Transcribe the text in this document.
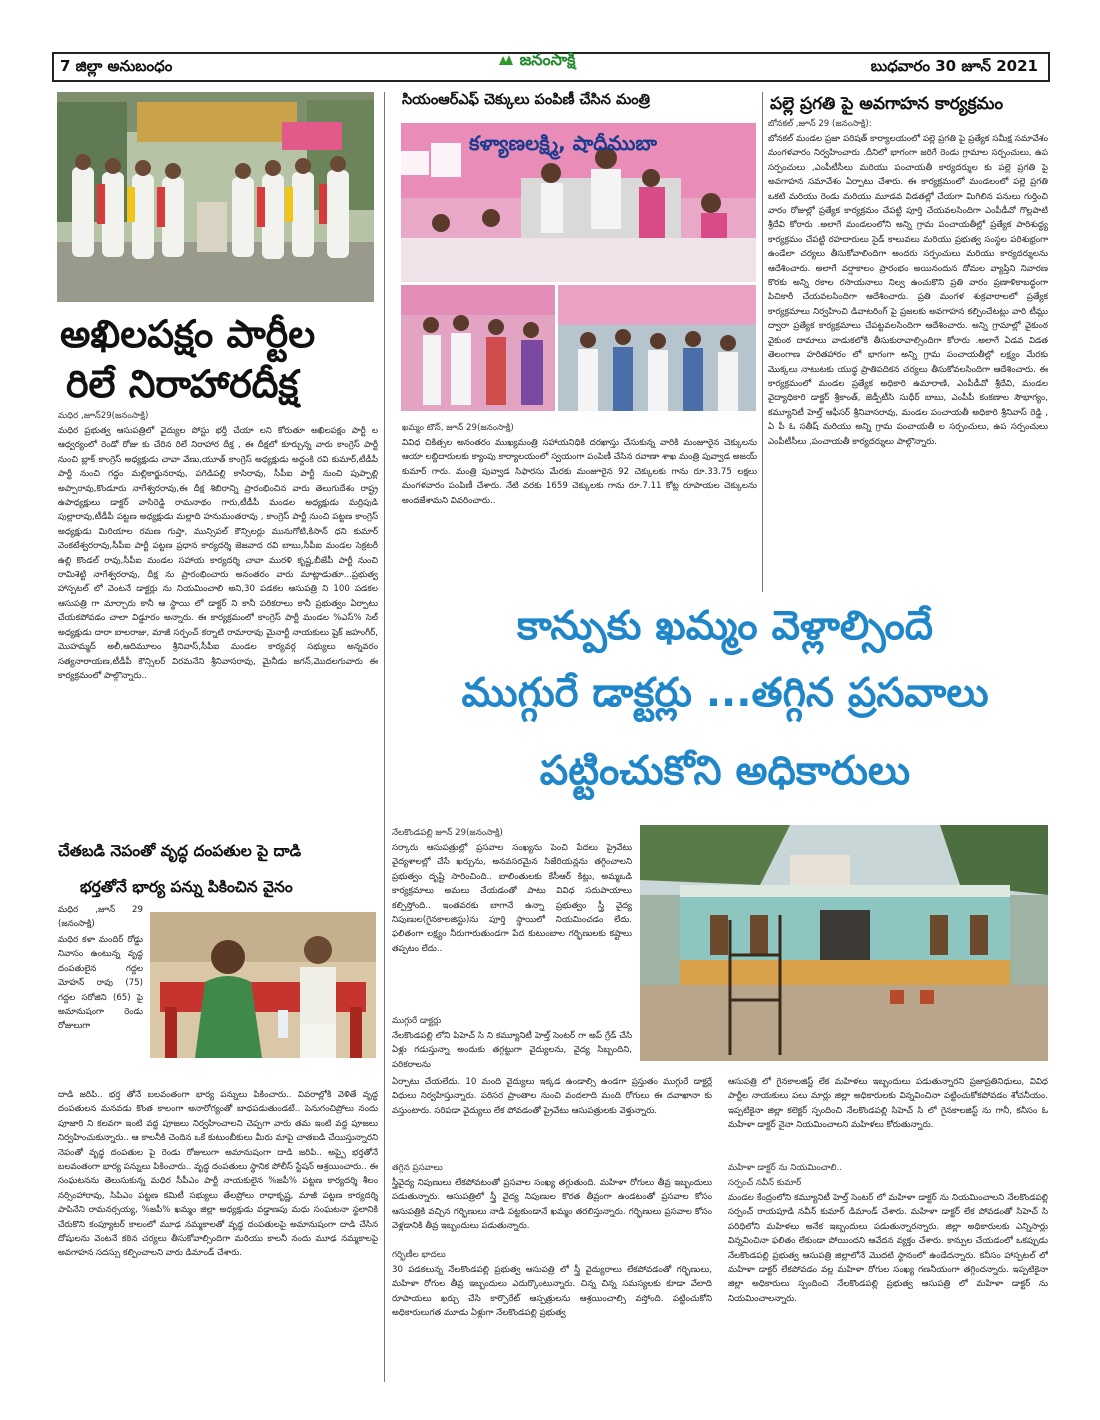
7 జిల్లా అనుబంధం	జనంసాక్షి	బుధవారం 30 జూన్ 2021
అఖిలపక్షం పార్టీల
రిలే నిరాహారదీక్ష
మధిర ,జూన్29(జనంసాక్షి)
మధిర ప్రభుత్వ ఆసుపత్రిలో వైద్యుల పోస్టు భర్తీ చేయా లని కోరుతూ అఖిలపక్షం పార్టీ ల ఆధ్వర్యంలో రెండో రోజు కు చేరిన రిలే నిరాహార దీక్ష , ఈ దీక్షలో కూర్చున్న వారు కాంగ్రెస్ పార్టీ నుంచి బ్లాక్ కాంగ్రెస్ అధ్యక్షుడు చావా వేణు,యూత్ కాంగ్రెస్ అధ్యక్షుడు అద్దంకి రవి కుమార్,టీడీపీ పార్టీ నుంచి గద్దం మల్లికార్జునరావు, పగిడిపల్లి కాసిరావు, సీపీఐ పార్టీ నుంచి పుప్పాల్లి అప్పారావు,కొండూరు నాగేశ్వరరావు,ఈ దీక్ష శిబిరాన్ని ప్రారంభించిన వారు తెలుగుదేశం రాష్ట్ర ఉపాధ్యక్షులు డాక్టర్ వాసిరెడ్డి రామనాథం గారు,టీడీపీ మండల అధ్యక్షుడు మర్రిపుడి పుల్లారావు,టీడీపీ పట్టణ అధ్యక్షుడు మల్లాది హనుమంతరావు , కాంగ్రెస్ పార్టీ నుంచి పట్టణ కాంగ్రెస్ అధ్యక్షుడు మిరియాల రమణ గుప్తా, మున్సిపల్ కౌన్సిలర్లు మునుగోటి,కిసాన్ ధని కుమార్ వెంకటేశ్వరరావు,సీపీఐ పార్టీ పట్టణ ప్రధాన కార్యదర్శి జెజవాద రవి బాబు,సీపీఐ మండల సెక్రటరీ ఉల్లి కొండల్ రావు,సీపీఐ మండల సహాయ కార్యదర్శి చావా మురళి కృష్ణ,బీజేపీ పార్టీ నుంచి రామిశెట్టి నాగేశ్వరరావు, దీక్ష ను ప్రారంభించారు అనంతరం వారు మాట్లాడుతూ...ప్రభుత్వ హాస్పటల్ లో వెంటనే డాక్టర్లు ను నియమించాలి అని,30 పడకల ఆసుపత్రి ని 100 పడకల ఆసుపత్రి గా మార్చారు కానీ ఆ స్థాయి లో డాక్టర్ ని కానీ పరికరాలు కానీ ప్రభుత్వం ఏర్పాటు చేయకపోవడం చాలా విడ్డూరం అన్నారు. ఈ కార్యక్రమంలో కాంగ్రెస్ పార్టీ మండల %ఎస్% సెల్ అధ్యక్షుడు దారా బాలరాజు, మాజీ సర్పంచ్ కర్నాటి రామారావు మైనార్టీ నాయకులు షైక్ జహంగీర్, మొహమ్మద్ అలీ,ఆదిమూలం శ్రీనివాస్,సీపీఐ మండల కార్యవర్గ సభ్యులు అన్నవరం సత్యనారాయణ,టీడీపీ కౌన్సిలర్ విరమనేని శ్రీనివాసరావు, మైనీడు జగన్,మొదలగువారు ఈ కార్యక్రమంలో పాల్గొన్నారు..
చేతబడి నెపంతో వృద్ధ దంపతుల పై దాడి
భర్తతోనే భార్య పన్ను పికించిన వైనం
మధిర ,జూన్ 29 (జనంసాక్షి)
మధిర కళా మందిర్ రోడ్డు నివాసం ఉంటున్న వృద్ధ దంపతులైన గద్దల మోహన్ రావు (75) గద్దల సరోజిని (65) పై అమానుషంగా రెండు రోజులుగా
దాడి జరిపి.. భర్త తోనే బలవంతంగా భార్య పన్నులు పికించారు.. వివరాల్లోకి వెళితే వృద్ధ దంపతులన మనవడు కొంత కాలంగా అనారోగ్యంతో బాధపడుతుండటే.. పెనుగంచిప్రోలు నందు పూజారి ని కలవగా ఇంటి వద్ద పూజలు నిర్వహించాలని చెప్పగా వారు తమ ఇంటి వద్ద పూజలు నిర్వహించుకున్నారు.. ఆ కాలనీకి చెందిన ఒకే కుటుంబీకులు మీరు మాపై చాతబడి చేయిస్తున్నారని నెపంతో వృద్ధ దంపతుల పై రెండు రోజులుగా అమానుషంగా దాడి జరిపి.. అప్పై భర్తతోనే బలవంతంగా భార్య పన్నులు పికించారు.. వృద్ధ దంపతులు స్థానిక పోలీస్ స్టేషన్ ఆశ్రయించారు.. ఈ సంఘటనను తెలుసుకున్న మధిర సీపీఎం పార్టీ నాయకులైన %జపీ% పట్టణ కార్యదర్శి శీలం నర్సింహారావు, సిపిఎం పట్టణ కమిటీ సభ్యులు తేలప్రోలు రాధాకృష్ణ, మాజీ పట్టణ కార్యదర్శి పాపినేని రామనర్సయ్య, %జపీ% ఖమ్మం జిల్లా అధ్యక్షుడు వడ్డాణపు మధు సంఘటనా స్థలానికి చేరుకొని కంప్యూటర్ కాలంలో మూఢ నమ్మకాలతో వృద్ధ దంపతులపై అమానుషంగా దాడి చేసిన దోషులను వెంటనే కఠిన చర్యలు తీసుకోవాల్సిందిగా మరియు కాలనీ నందు మూఢ నమ్మకాలపై అవగాహన సదస్సు కల్పించాలని వారు డిమాండ్ చేశారు.
సియంఆర్ఎఫ్ చెక్కులు పంపిణీ చేసిన మంత్రి
కళ్యాణలక్ష్మి, షాదీముబా
ఖమ్మం టౌన్, జూన్ 29(జనంసాక్షి)
వివిధ చికిత్సల అనంతరం ముఖ్యమంత్రి సహాయనిధికి దరఖాస్తు చేసుకున్న వారికి మంజూరైన చెక్కులను ఆయా లబ్దిదారులకు క్యాంపు కార్యాలయంలో స్వయంగా పంపిణీ చేసిన రవాణా శాఖ మంత్రి పువ్వాడ అజయ్ కుమార్ గారు. మంత్రి పువ్వాడ సిఫారసు మేరకు మంజూరైన 92 చెక్కులకు గాను రూ.33.75 లక్షలు మంగళవారం పంపిణీ చేశారు. నేటి వరకు 1659 చెక్కులకు గాను రూ.7.11 కోట్ల రూపాయల చెక్కులను అందజేశామని వివరించారు..
పల్లె ప్రగతి పై అవగాహన కార్యక్రమం
బోనకల్ ,జూన్ 29 (జనంసాక్షి):
బోనకల్ మండల ప్రజా పరిషత్ కార్యాలయంలో పల్లె ప్రగతి పై ప్రత్యేక సమీక్ష సమావేశం మంగళవారం నిర్వహించారు .దీనిలో భాగంగా జరిగే రెండు గ్రామాల సర్పంచులు, ఉప సర్పంచులు ,ఎంపీటీసీలు మరియు పంచాయతీ కార్యదర్శుల కు పల్లె ప్రగతి పై అవగాహన సమావేశం ఏర్పాటు చేశారు. ఈ కార్యక్రమంలో మండలంలో పల్లె ప్రగతి ఒకటి మరియు రెండు మరియు మూడవ విడతల్లో చేయగా మిగిలిన పనులు గుర్తించి వారం రోజుల్లో ప్రత్యేక కార్యక్రమం చేపట్టి పూర్తి చేయవలసిందిగా ఎంపీడీవో గొల్లపాటి శ్రీదేవి కోరారు .అలాగే మండలంలోని అన్ని గ్రామ పంచాయతీల్లో ప్రత్యేక పారిశుద్ధ్య కార్యక్రమం చేపట్టి రహదారులు సైడ్ కాలువలు మరియు ప్రభుత్వ సంస్థల పరిశుభ్రంగా ఉండేలా చర్యలు తీసుకోవాలిందిగా అందరు సర్పంచులు మరియు కార్యదర్శులను ఆదేశించారు. అలాగే వర్షాకాలం ప్రారంభం అయినందున దోమల వ్యాప్తిని నివారణ కొరకు అన్ని రకాల రసాయనాలు నిల్వ ఉంచుకొని ప్రతి వారం ప్రణాళికాబద్ధంగా పిచికారీ చేయవలసిందిగా ఆదేశించారు. ప్రతి మంగళ శుక్రవారాలలో ప్రత్యేక కార్యక్రమాలు నిర్వహించి డివాటరింగ్ పై ప్రజలకు అవగాహన కల్పించేటట్లు వారి టీమ్లు ద్వారా ప్రత్యేక కార్యక్రమాలు చేపట్టవలసిందిగా ఆదేశించారు. అన్ని గ్రామాల్లో వైకుంఠ వైకుంఠ దామాలు వాడుకలోకి తీసుకురావాల్సిందిగా కోరారు .అలాగే ఏడవ విడత తెలంగాణ హరితహారం లో భాగంగా అన్ని గ్రామ పంచాయతీల్లో లక్ష్యం మేరకు మొక్కలు నాటుటకు యుద్ధ ప్రాతిపదికన చర్యలు తీసుకోవలసిందిగా ఆదేశించారు. ఈ కార్యక్రమంలో మండల ప్రత్యేక అధికారి ఉమారాణి, ఎంపీడీవో శ్రీదేవి, మండల వైద్యాధికారి డాక్టర్ శ్రీకాంత్, జెడ్పీటీసి సుధీర్ బాబు, ఎంపీపీ కంకణాల సౌభాగ్యం, కమ్యూనిటీ హెల్త్ ఆఫీసర్ శ్రీనివాసరావు, మండల పంచాయతీ అధికారి శ్రీనివాస్ రెడ్డి , ఏ పీ ఓ సతీష్ మరియు అన్ని గ్రామ పంచాయతీ ల సర్పంచులు, ఉప సర్పంచులు ఎంపీటీసీలు ,పంచాయతీ కార్యదర్శులు పాల్గొన్నారు.
కాన్పుకు ఖమ్మం వెళ్లాల్సిందే
ముగ్గురే డాక్టర్లు ...తగ్గిన ప్రసవాలు
పట్టించుకోని అధికారులు
నేలకొండపల్లి జూన్ 29(జనంసాక్షి)
సర్కారు ఆసుపత్రుల్లో ప్రసవాల సంఖ్యను పెంచి పేదలు ప్రైవేటు వైద్యశాలల్లో చేసే ఖర్చును, అనవసరమైన సిజేరియన్లను తగ్గించాలని ప్రభుత్వం దృష్టి సారించింది.. బాలింతులకు కేసీఆర్ కిట్లు, అమ్మఒడి కార్యక్రమాలు అమలు చేయడంతో పాటు వివిధ సదుపాయాలు కల్పిస్తోంది.. ఇంతవరకు బాగానే ఉన్నా ప్రభుత్వం స్త్రీ వైద్య నిపుణుల(గైనకాలజిస్టు)ను పూర్తి స్థాయిలో నియమించడం లేదు. ఫలితంగా లక్ష్యం నీరుగారుతుండగా పేద కుటుంబాల గర్భిణులకు కష్టాలు తప్పటం లేదు..
ముగ్గురే డాక్టర్లు
నేలకొండపల్లి లోని పిహెచ్ సి ని కమ్యూనిటీ హెల్త్ సెంటర్ గా అప్ గ్రేడ్ చేసి ఏళ్లు గడుస్తున్నా అందుకు తగ్గట్టుగా వైద్యులను, వైద్య సిబ్బందిని, పరికరాలను
ఏర్పాటు చేయలేదు. 10 మంది వైద్యులు ఇక్కడ ఉండాల్సి ఉండగా ప్రస్తుతం ముగ్గురే డాక్టర్లే విధులు నిర్వహిస్తున్నారు. పరిసర ప్రాంతాల నుంచి వందలాది మంది రోగులు ఈ దవాఖానా కు వస్తుంటారు. సరిపడా వైద్యులు లేక పోవడంతో ప్రైవేటు ఆసుపత్రులకు వెళ్తున్నారు.
తగ్గిన ప్రసవాలు
స్త్రీవైద్య నిపుణులు లేకపోవటంతో ప్రసవాల సంఖ్య తగ్గుతుంది. మహిళా రోగులు తీవ్ర ఇబ్బందులు పడుతున్నారు. ఆసుపత్రిలో స్త్రీ వైద్య నిపుణుల కొరత తీవ్రంగా ఉండటంతో ప్రసవాల కోసం ఆసుపత్రికి వచ్చిన గర్భిణులు నాడి పట్టకుండానే ఖమ్మం తరలిస్తున్నారు. గర్భిణులు ప్రసవాల కోసం వెళ్లడానికి తీవ్ర ఇబ్బందులు పడుతున్నారు.
గర్భిణీల భాదలు
30 పడకలున్న నేలకొండపల్లి ప్రభుత్వ ఆసుపత్రి లో స్త్రీ వైద్యురాలు లేకపోవడంతో గర్భిణులు, మహిళా రోగుల తీవ్ర ఇబ్బందులు ఎదుర్కొంటున్నారు. చిన్న చిన్న సమస్యలకు కూడా వేలాది రూపాయలు ఖర్చు చేసి కార్పొరేట్ ఆస్పత్రులను ఆశ్రయించాల్సి వస్తోంది. పట్టించుకోని అధికారులుగత మూడు ఏళ్లుగా నేలకొండపల్లి ప్రభుత్వ
ఆసుపత్రి లో గైనకాలజిస్ట్ లేక మహిళలు ఇబ్బందులు పడుతున్నారని ప్రజాప్రతినిధులు, వివిధ పార్టీల నాయకులు పలు మార్లు జిల్లా అధికారులకు విన్నవించినా పట్టించుకోకపోవడం శోచనీయం. ఇప్పటికైనా జిల్లా కలెక్టర్ స్పందించి నేలకొండపల్లి సిహెచ్ సి లో గైనకాలజిస్ట్ ను గానీ, కనీసం ఓ మహిళా డాక్టర్ నైనా నియమించాలని మహిళలు కోరుతున్నారు.
మహిళా డాక్టర్ ను నియమించాలి..
సర్పంచ్ నవీన్ కుమార్
మండల కేంద్రంలోని కమ్యూనిటీ హెల్త్ సెంటర్ లో మహిళా డాక్టర్ ను నియమించాలని నేలకొండపల్లి సర్పంచ్ రాయపూడి నవీన్ కుమార్ డిమాండ్ చేశారు. మహిళా డాక్టర్ లేక పోవడంతో సిహెచ్ సి పరిధిలోని మహిళలు అనేక ఇబ్బందులు పడుతున్నారన్నారు. జిల్లా అధికారులకు ఎన్నిసార్లు విన్నవించినా ఫలితం లేకుండా పోయిందని ఆవేదన వ్యక్తం చేశారు. కాన్పుల చేయడంలో ఒకప్పుడు నేలకొండపల్లి ప్రభుత్వ ఆసుపత్రి జిల్లాలోనే మొదటి స్థానంలో ఉండేదన్నారు. కనీసం హాస్పటల్ లో మహిళా డాక్టర్ లేకపోవడం వల్ల మహిళా రోగుల సంఖ్య గణనీయంగా తగ్గిందన్నారు. ఇప్పటికైనా జిల్లా అధికారులు స్పందించి నేలకొండపల్లి ప్రభుత్వ ఆసుపత్రి లో మహిళా డాక్టర్ ను నియమించాలన్నారు.
